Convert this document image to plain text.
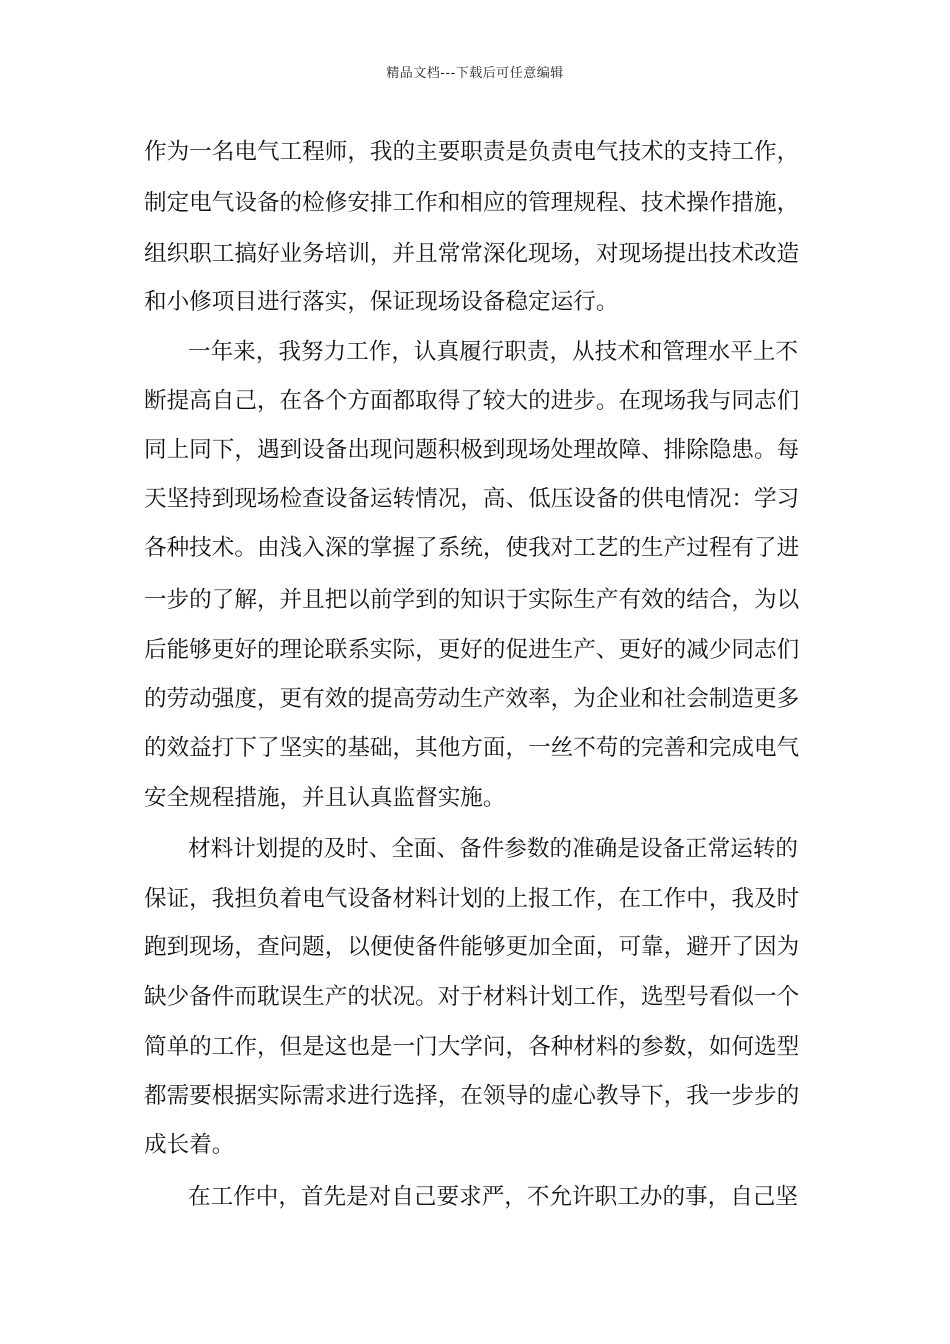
精品文档---下载后可任意编辑
作为一名电气工程师，我的主要职责是负责电气技术的支持工作，
制定电气设备的检修安排工作和相应的管理规程、技术操作措施，
组织职工搞好业务培训，并且常常深化现场，对现场提出技术改造
和小修项目进行落实，保证现场设备稳定运行。
一年来，我努力工作，认真履行职责，从技术和管理水平上不
断提高自己，在各个方面都取得了较大的进步。在现场我与同志们
同上同下，遇到设备出现问题积极到现场处理故障、排除隐患。每
天坚持到现场检查设备运转情况，高、低压设备的供电情况：学习
各种技术。由浅入深的掌握了系统，使我对工艺的生产过程有了进
一步的了解，并且把以前学到的知识于实际生产有效的结合，为以
后能够更好的理论联系实际，更好的促进生产、更好的减少同志们
的劳动强度，更有效的提高劳动生产效率，为企业和社会制造更多
的效益打下了坚实的基础，其他方面，一丝不苟的完善和完成电气
安全规程措施，并且认真监督实施。
材料计划提的及时、全面、备件参数的准确是设备正常运转的
保证，我担负着电气设备材料计划的上报工作，在工作中，我及时
跑到现场，查问题，以便使备件能够更加全面，可靠，避开了因为
缺少备件而耽误生产的状况。对于材料计划工作，选型号看似一个
简单的工作，但是这也是一门大学问，各种材料的参数，如何选型
都需要根据实际需求进行选择，在领导的虚心教导下，我一步步的
成长着。
在工作中，首先是对自己要求严，不允许职工办的事，自己坚
